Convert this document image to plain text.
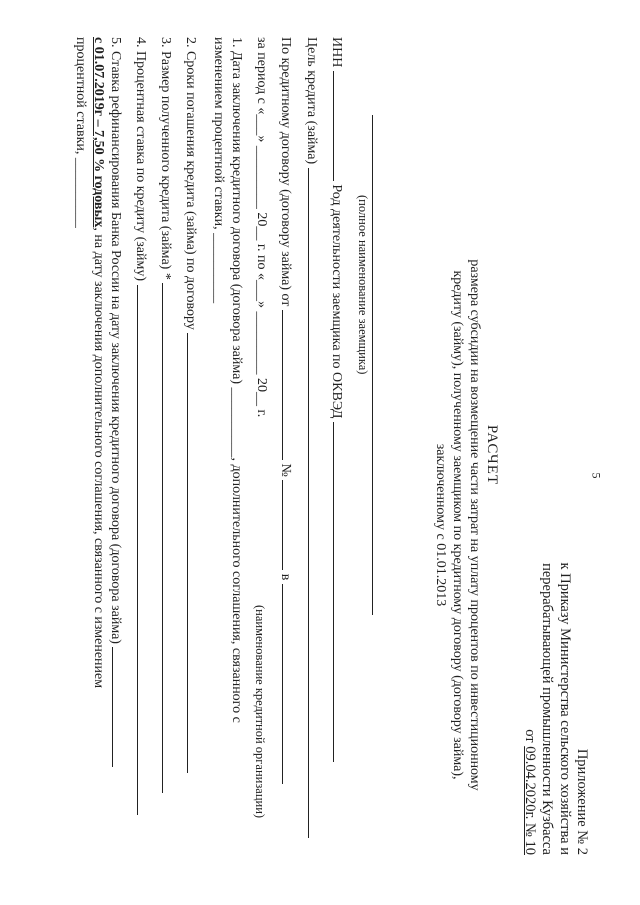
5
Приложение № 2
к Приказу Министерства сельского хозяйства и
перерабатывающей промышленности Кузбасса
от 09.04.2020г. № 10
РАСЧЕТ
размера субсидии на возмещение части затрат на уплату процентов по инвестиционному
кредиту (займу), полученному заемщиком по кредитному договору (договору займа),
заключенному с 01.01.2013
(полное наименование заемщика)
ИНН  Род деятельности заемщика по ОКВЭД
Цель кредита (займа)
По кредитному договору (договору займа) от  №  в
за период с «___» _________ 20__ г. по «___» _________ 20__ г.
(наименование кредитной организации)
1. Дата заключения кредитного договора (договора займа) __________, дополнительного соглашения, связанного с
изменением процентной ставки, __________
2. Сроки погашения кредита (займа) по договору
3. Размер полученного кредита (займа) *
4. Процентная ставка по кредиту (займу)
5. Ставка рефинансирования Банка России на дату заключения кредитного договора (договора займа)
с 01.07.2019г – 7,50 % годовых, на дату заключения дополнительного соглашения, связанного с изменением
процентной ставки, __________
